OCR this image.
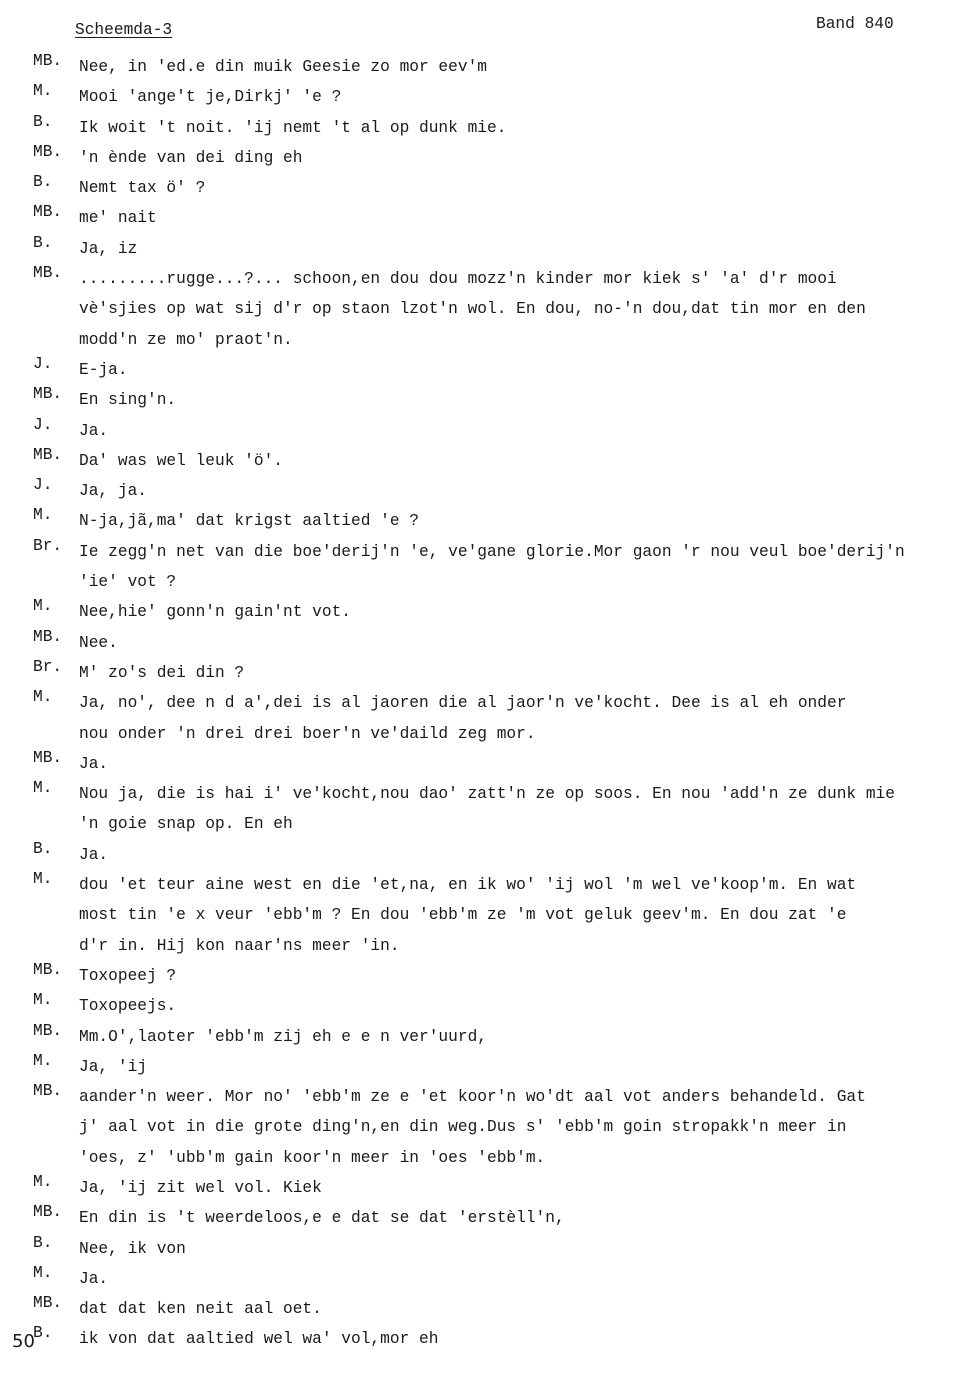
Scheemda-3	Band 840
MB.	Nee, in 'ed.e din muik Geesie zo mor eev'm
M.	Mooi 'ange't je,Dirkj' 'e ?
B.	Ik woit 't noit. 'ij nemt 't al op dunk mie.
MB.	'n ènde van dei ding eh
B.	Nemt tax ö' ?
MB.	me' nait
B.	Ja, iz
MB.	.........rugge...?... schoon,en dou dou mozz'n kinder mor kiek s' 'a' d'r mooi
vè'sjies op wat sij d'r op staon lzot'n wol. En dou, no-'n dou,dat tin mor en den
modd'n ze mo' praot'n.
J.	E-ja.
MB.	En sing'n.
J.	Ja.
MB.	Da' was wel leuk 'ö'.
J.	Ja, ja.
M.	N-ja,jã,ma' dat krigst aaltied 'e ?
Br.	Ie zegg'n net van die boe'derij'n 'e, ve'gane glorie.Mor gaon 'r nou veul boe'derij'n
'ie' vot ?
M.	Nee,hie' gonn'n gain'nt vot.
MB.	Nee.
Br.	M' zo's dei din ?
M.	Ja, no', dee n d a',dei is al jaoren die al jaor'n ve'kocht. Dee is al eh onder
nou onder 'n drei drei boer'n ve'daild zeg mor.
MB.	Ja.
M.	Nou ja, die is hai i' ve'kocht,nou dao' zatt'n ze op soos. En nou 'add'n ze dunk mie
'n goie snap op. En eh
B.	Ja.
M.	dou 'et teur aine west en die 'et,na, en ik wo' 'ij wol 'm wel ve'koop'm. En wat
most tin 'e x veur 'ebb'm ? En dou 'ebb'm ze 'm vot geluk geev'm. En dou zat 'e
d'r in. Hij kon naar'ns meer 'in.
MB.	Toxopeej ?
M.	Toxopeejs.
MB.	Mm.O',laoter 'ebb'm zij eh e e n ver'uurd,
M.	Ja, 'ij
MB.	aander'n weer. Mor no' 'ebb'm ze e 'et koor'n wo'dt aal vot anders behandeld. Gat
j' aal vot in die grote ding'n,en din weg.Dus s' 'ebb'm goin stropakk'n meer in
'oes, z' 'ubb'm gain koor'n meer in 'oes 'ebb'm.
M.	Ja, 'ij zit wel vol. Kiek
MB.	En din is 't weerdeloos,e e dat se dat 'erstèll'n,
B.	Nee, ik von
M.	Ja.
MB.	dat dat ken neit aal oet.
B.	ik von dat aaltied wel wa' vol,mor eh
50
